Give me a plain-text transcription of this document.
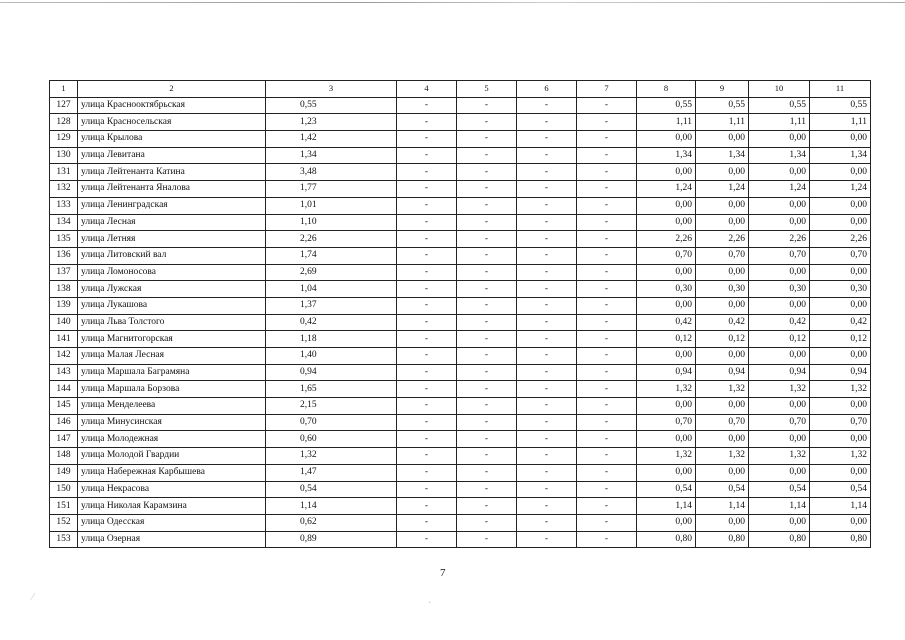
1	2	3	4	5	6	7	8	9	10	11
127	улица Краснооктябрьская	0,55	-	-	-	-	0,55	0,55	0,55	0,55
128	улица Красносельская	1,23	-	-	-	-	1,11	1,11	1,11	1,11
129	улица Крылова	1,42	-	-	-	-	0,00	0,00	0,00	0,00
130	улица Левитана	1,34	-	-	-	-	1,34	1,34	1,34	1,34
131	улица Лейтенанта Катина	3,48	-	-	-	-	0,00	0,00	0,00	0,00
132	улица Лейтенанта Яналова	1,77	-	-	-	-	1,24	1,24	1,24	1,24
133	улица Ленинградская	1,01	-	-	-	-	0,00	0,00	0,00	0,00
134	улица Лесная	1,10	-	-	-	-	0,00	0,00	0,00	0,00
135	улица Летняя	2,26	-	-	-	-	2,26	2,26	2,26	2,26
136	улица Литовский вал	1,74	-	-	-	-	0,70	0,70	0,70	0,70
137	улица Ломоносова	2,69	-	-	-	-	0,00	0,00	0,00	0,00
138	улица Лужская	1,04	-	-	-	-	0,30	0,30	0,30	0,30
139	улица Лукашова	1,37	-	-	-	-	0,00	0,00	0,00	0,00
140	улица Льва Толстого	0,42	-	-	-	-	0,42	0,42	0,42	0,42
141	улица Магнитогорская	1,18	-	-	-	-	0,12	0,12	0,12	0,12
142	улица Малая Лесная	1,40	-	-	-	-	0,00	0,00	0,00	0,00
143	улица Маршала Баграмяна	0,94	-	-	-	-	0,94	0,94	0,94	0,94
144	улица Маршала Борзова	1,65	-	-	-	-	1,32	1,32	1,32	1,32
145	улица Менделеева	2,15	-	-	-	-	0,00	0,00	0,00	0,00
146	улица Минусинская	0,70	-	-	-	-	0,70	0,70	0,70	0,70
147	улица Молодежная	0,60	-	-	-	-	0,00	0,00	0,00	0,00
148	улица Молодой Гвардии	1,32	-	-	-	-	1,32	1,32	1,32	1,32
149	улица Набережная Карбышева	1,47	-	-	-	-	0,00	0,00	0,00	0,00
150	улица Некрасова	0,54	-	-	-	-	0,54	0,54	0,54	0,54
151	улица Николая Карамзина	1,14	-	-	-	-	1,14	1,14	1,14	1,14
152	улица Одесская	0,62	-	-	-	-	0,00	0,00	0,00	0,00
153	улица Озерная	0,89	-	-	-	-	0,80	0,80	0,80	0,80
7
⁄
·
